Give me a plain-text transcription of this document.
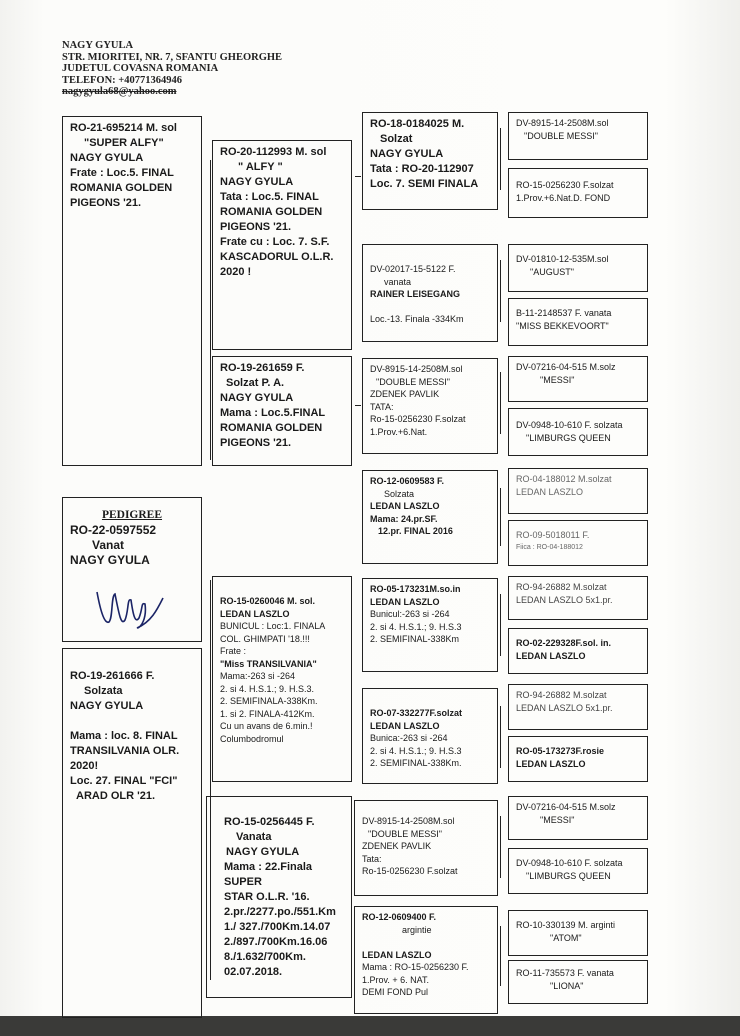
NAGY GYULA
STR. MIORITEI, NR. 7, SFANTU GHEORGHE
JUDETUL COVASNA ROMANIA
TELEFON: +40771364946
nagygyula68@yahoo.com
RO-21-695214 M. sol
"SUPER ALFY"
NAGY GYULA
Frate : Loc.5. FINAL
ROMANIA GOLDEN
PIGEONS '21.
PEDIGREE
RO-22-0597552
Vanat
NAGY GYULA
RO-19-261666 F.
Solzata
NAGY GYULA

Mama : loc. 8. FINAL
TRANSILVANIA OLR.
2020!
Loc. 27. FINAL "FCI"
ARAD OLR '21.
RO-20-112993 M. sol
" ALFY "
NAGY GYULA
Tata : Loc.5. FINAL
ROMANIA GOLDEN
PIGEONS '21.
Frate cu : Loc. 7. S.F.
KASCADORUL O.L.R.
2020 !
RO-19-261659 F.
Solzat P. A.
NAGY GYULA
Mama : Loc.5.FINAL
ROMANIA GOLDEN
PIGEONS '21.
RO-15-0260046 M. sol.
LEDAN LASZLO
BUNICUL : Loc:1. FINALA
COL. GHIMPATI '18.!!!
Frate :
"Miss TRANSILVANIA"
Mama:-263 si -264
2. si 4. H.S.1.; 9. H.S.3.
2. SEMIFINALA-338Km.
1. si 2. FINALA-412Km.
Cu un avans de 6.min.!
Columbodromul
RO-15-0256445 F.
Vanata
NAGY GYULA
Mama : 22.Finala
SUPER
STAR O.L.R. '16.
2.pr./2277.po./551.Km
1./ 327./700Km.14.07
2./897./700Km.16.06
8./1.632/700Km.
02.07.2018.
RO-18-0184025 M.
Solzat
NAGY GYULA
Tata : RO-20-112907
Loc. 7. SEMI FINALA
DV-02017-15-5122 F.
vanata
RAINER LEISEGANG

Loc.-13. Finala -334Km
DV-8915-14-2508M.sol
"DOUBLE MESSI"
ZDENEK PAVLIK
TATA:
Ro-15-0256230 F.solzat
1.Prov.+6.Nat.
RO-12-0609583 F.
Solzata
LEDAN LASZLO
Mama: 24.pr.SF.
12.pr. FINAL 2016
RO-05-173231M.so.in
LEDAN LASZLO
Bunicul:-263 si -264
2. si 4. H.S.1.; 9. H.S.3
2. SEMIFINAL-338Km
RO-07-332277F.solzat
LEDAN LASZLO
Bunica:-263 si -264
2. si 4. H.S.1.; 9. H.S.3
2. SEMIFINAL-338Km.
DV-8915-14-2508M.sol
"DOUBLE MESSI"
ZDENEK PAVLIK
Tata:
Ro-15-0256230 F.solzat
RO-12-0609400 F.
argintie

LEDAN LASZLO
Mama : RO-15-0256230 F.
1.Prov. + 6. NAT.
DEMI FOND Pul
DV-8915-14-2508M.sol
"DOUBLE MESSI"
RO-15-0256230 F.solzat
1.Prov.+6.Nat.D. FOND
DV-01810-12-535M.sol
"AUGUST"
B-11-2148537 F. vanata
"MISS BEKKEVOORT"
DV-07216-04-515 M.solz
"MESSI"
DV-0948-10-610 F. solzata
"LIMBURGS QUEEN
RO-04-188012 M.solzat
LEDAN LASZLO
RO-09-5018011 F.
Fiica : RO-04-188012
RO-94-26882 M.solzat
LEDAN LASZLO 5x1.pr.
RO-02-229328F.sol. in.
LEDAN LASZLO
RO-94-26882 M.solzat
LEDAN LASZLO 5x1.pr.
RO-05-173273F.rosie
LEDAN LASZLO
DV-07216-04-515 M.solz
"MESSI"
DV-0948-10-610 F. solzata
"LIMBURGS QUEEN
RO-10-330139 M. arginti
"ATOM"
RO-11-735573 F. vanata
"LIONA"
